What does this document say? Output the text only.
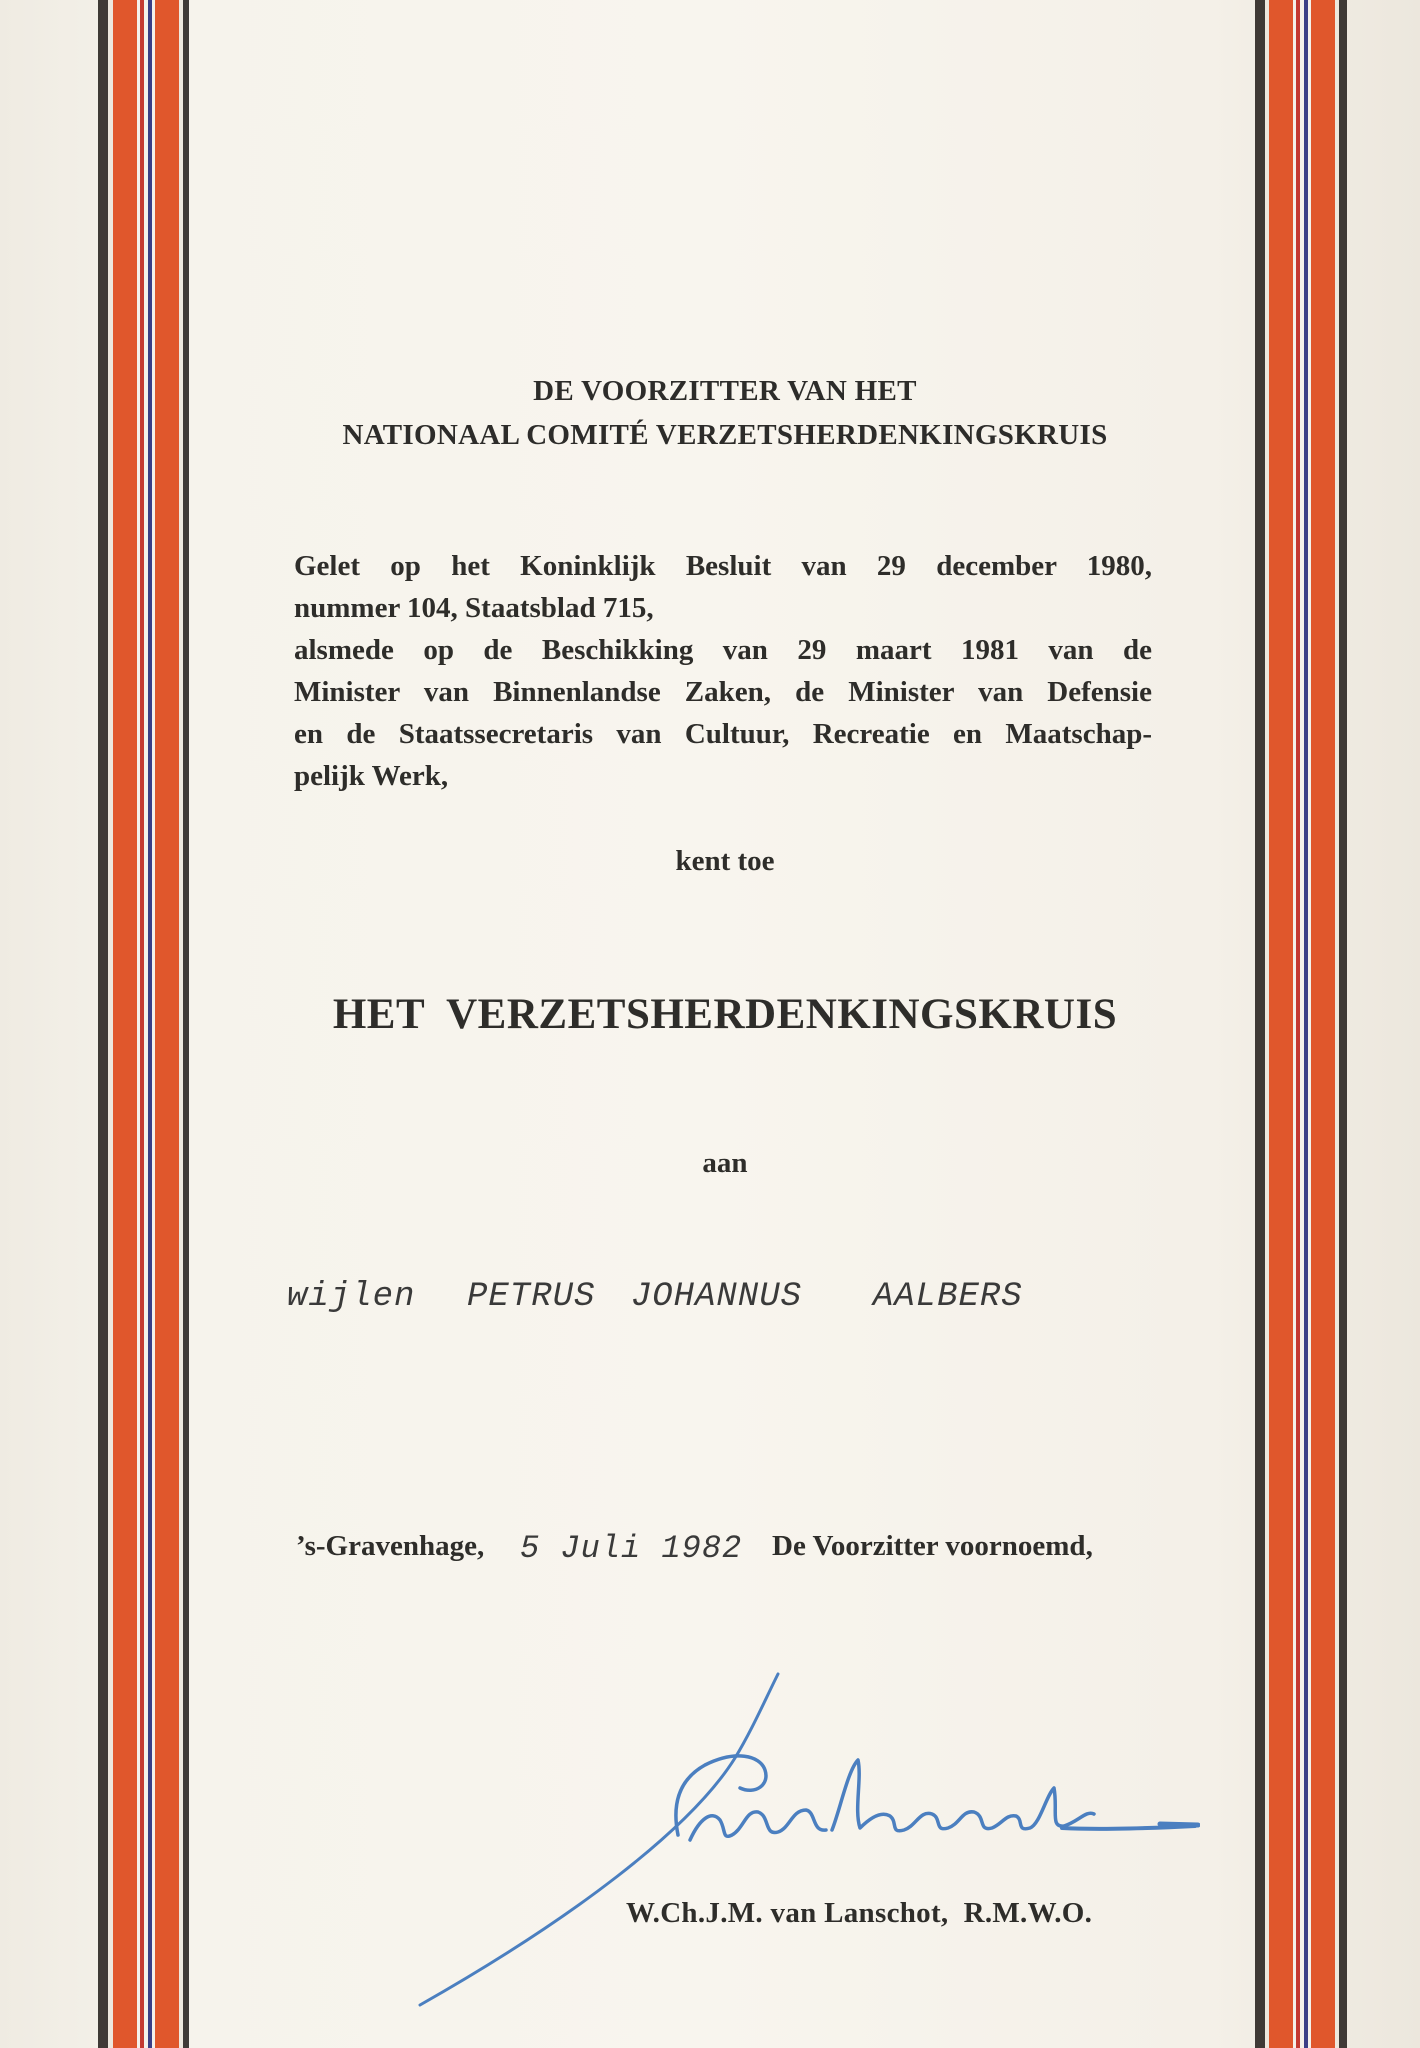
DE VOORZITTER VAN HET
NATIONAAL COMITÉ VERZETSHERDENKINGSKRUIS
Gelet op het Koninklijk Besluit van 29 december 1980,
nummer 104, Staatsblad 715,
alsmede op de Beschikking van 29 maart 1981 van de
Minister van Binnenlandse Zaken, de Minister van Defensie
en de Staatssecretaris van Cultuur, Recreatie en Maatschap-
pelijk Werk,
kent toe
HET  VERZETSHERDENKINGSKRUIS
aan
wijlen PETRUS JOHANNUS  AALBERS
’s-Gravenhage, 5 Juli 1982 De Voorzitter voornoemd,
W.Ch.J.M. van Lanschot,  R.M.W.O.
